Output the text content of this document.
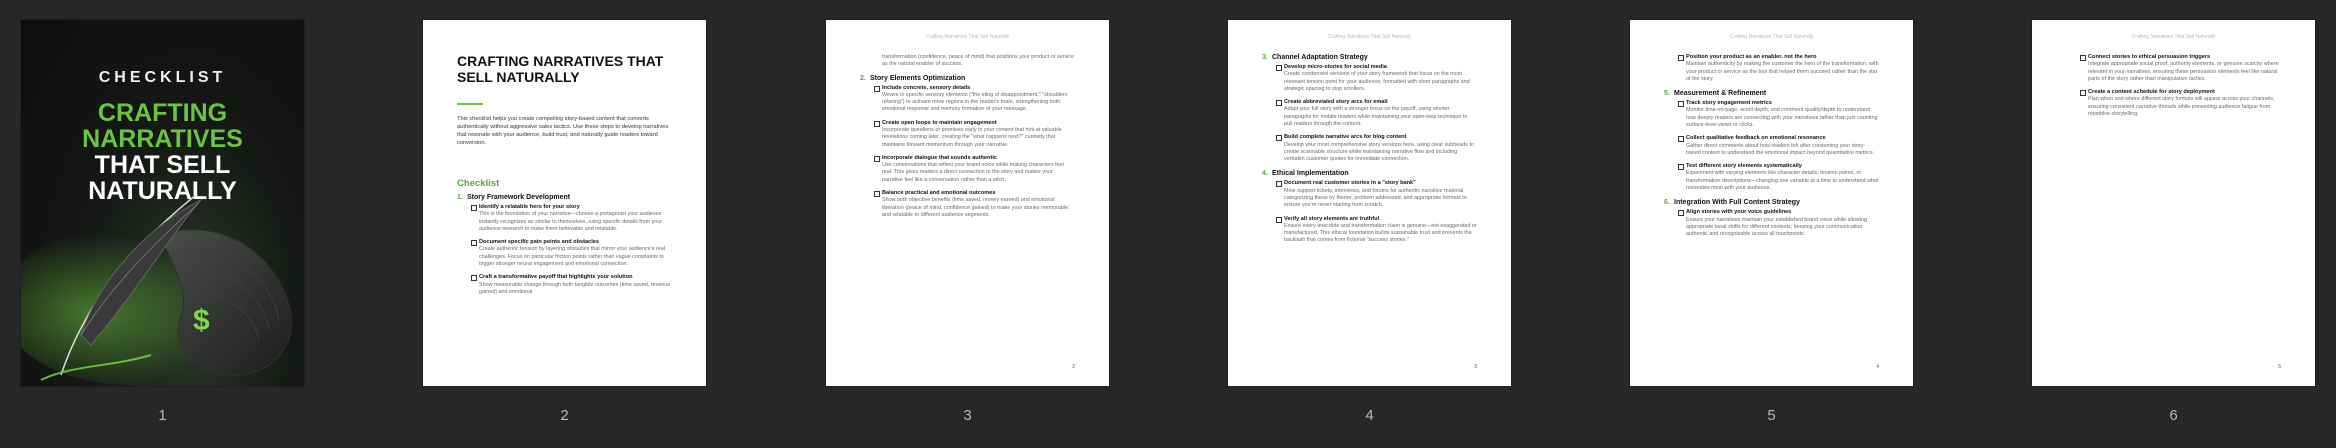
CHECKLIST
CRAFTING
NARRATIVES
THAT SELL
NATURALLY
$
CRAFTING NARRATIVES THAT SELL NATURALLY
This checklist helps you create compelling story-based content that converts authentically without aggressive sales tactics. Use these steps to develop narratives that resonate with your audience, build trust, and naturally guide readers toward conversion.
Checklist
1. Story Framework Development
Identify a relatable hero for your story
This is the foundation of your narrative—choose a protagonist your audience instantly recognizes as similar to themselves, using specific details from your audience research to make them believable and relatable.
Document specific pain points and obstacles
Create authentic tension by layering obstacles that mirror your audience's real challenges. Focus on particular friction points rather than vague complaints to trigger stronger neural engagement and emotional connection.
Craft a transformative payoff that highlights your solution
Show measurable change through both tangible outcomes (time saved, revenue gained) and emotional
Crafting Narratives That Sell Naturally
transformation (confidence, peace of mind) that positions your product or service as the natural enabler of success.
2. Story Elements Optimization
Include concrete, sensory details
Weave in specific sensory elements ("the sting of disappointment," "shoulders relaxing") to activate more regions in the reader's brain, strengthening both emotional response and memory formation of your message.
Create open loops to maintain engagement
Incorporate questions or promises early in your content that hint at valuable revelations coming later, creating the "what happens next?" curiosity that maintains forward momentum through your narrative.
Incorporate dialogue that sounds authentic
Use conversations that reflect your brand voice while making characters feel real. This gives readers a direct connection to the story and makes your narrative feel like a conversation rather than a pitch.
Balance practical and emotional outcomes
Show both objective benefits (time saved, money earned) and emotional liberation (peace of mind, confidence gained) to make your stories memorable and relatable to different audience segments.
2
Crafting Narratives That Sell Naturally
3. Channel Adaptation Strategy
Develop micro-stories for social media
Create condensed versions of your story framework that focus on the most resonant tension point for your audience, formatted with short paragraphs and strategic spacing to stop scrollers.
Create abbreviated story arcs for email
Adapt your full story with a stronger focus on the payoff, using shorter paragraphs for mobile readers while maintaining your open-loop technique to pull readers through the content.
Build complete narrative arcs for blog content
Develop your most comprehensive story versions here, using clear subheads to create scannable structure while maintaining narrative flow and including verbatim customer quotes for immediate connection.
4. Ethical Implementation
Document real customer stories in a "story bank"
Mine support tickets, interviews, and forums for authentic narrative material, categorizing these by theme, problem addressed, and appropriate formats to ensure you're never starting from scratch.
Verify all story elements are truthful
Ensure every anecdote and transformation claim is genuine—not exaggerated or manufactured. This ethical foundation builds sustainable trust and prevents the backlash that comes from fictional "success stories."
3
Crafting Narratives That Sell Naturally
Position your product as an enabler, not the hero
Maintain authenticity by making the customer the hero of the transformation, with your product or service as the tool that helped them succeed rather than the star of the story.
5. Measurement & Refinement
Track story engagement metrics
Monitor time-on-page, scroll depth, and comment quality/depth to understand how deeply readers are connecting with your narratives rather than just counting surface-level views or clicks.
Collect qualitative feedback on emotional resonance
Gather direct comments about how readers felt after consuming your story-based content to understand the emotional impact beyond quantitative metrics.
Test different story elements systematically
Experiment with varying elements like character details, tension points, or transformation descriptions—changing one variable at a time to understand what resonates most with your audience.
6. Integration With Full Content Strategy
Align stories with your voice guidelines
Ensure your narratives maintain your established brand voice while allowing appropriate tonal shifts for different contexts, keeping your communication authentic and recognizable across all touchpoints.
4
Crafting Narratives That Sell Naturally
Connect stories to ethical persuasion triggers
Integrate appropriate social proof, authority elements, or genuine scarcity where relevant in your narratives, ensuring these persuasion elements feel like natural parts of the story rather than manipulative tactics.
Create a content schedule for story deployment
Plan when and where different story formats will appear across your channels, ensuring consistent narrative threads while preventing audience fatigue from repetitive storytelling.
5
1	2	3	4	5	6
